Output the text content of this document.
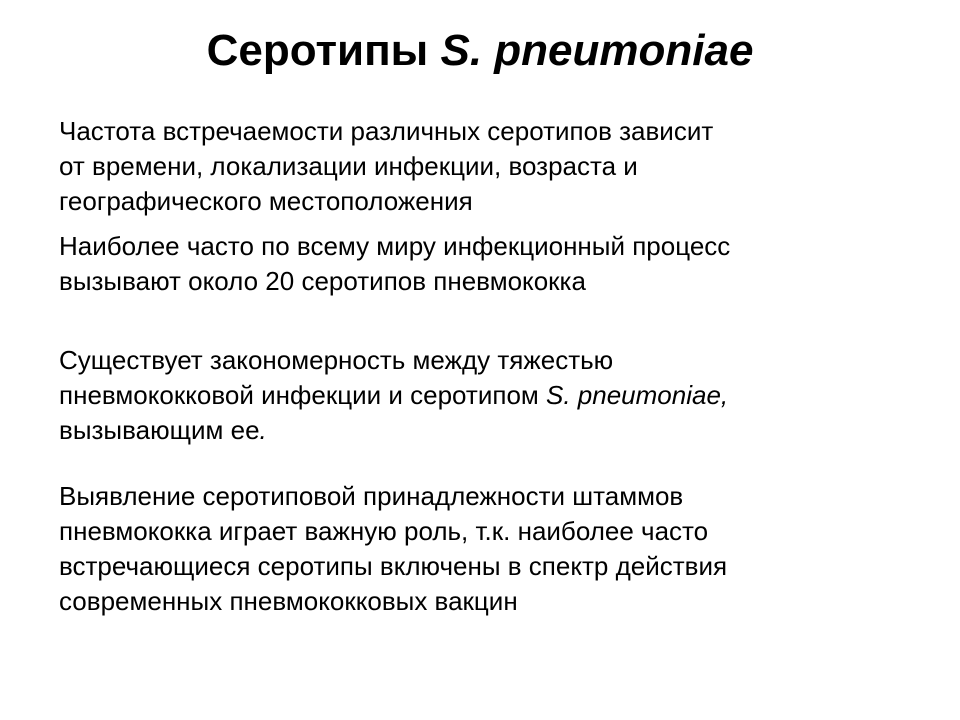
Серотипы S. pneumoniae

Частота встречаемости различных серотипов зависит
от времени, локализации инфекции, возраста и
географического местоположения

Наиболее часто по всему миру инфекционный процесс
вызывают около 20 серотипов пневмококка

Существует закономерность между тяжестью
пневмококковой инфекции и серотипом S. pneumoniae,
вызывающим ее.

Выявление серотиповой принадлежности штаммов
пневмококка играет важную роль, т.к. наиболее часто
встречающиеся серотипы включены в спектр действия
современных пневмококковых вакцин
